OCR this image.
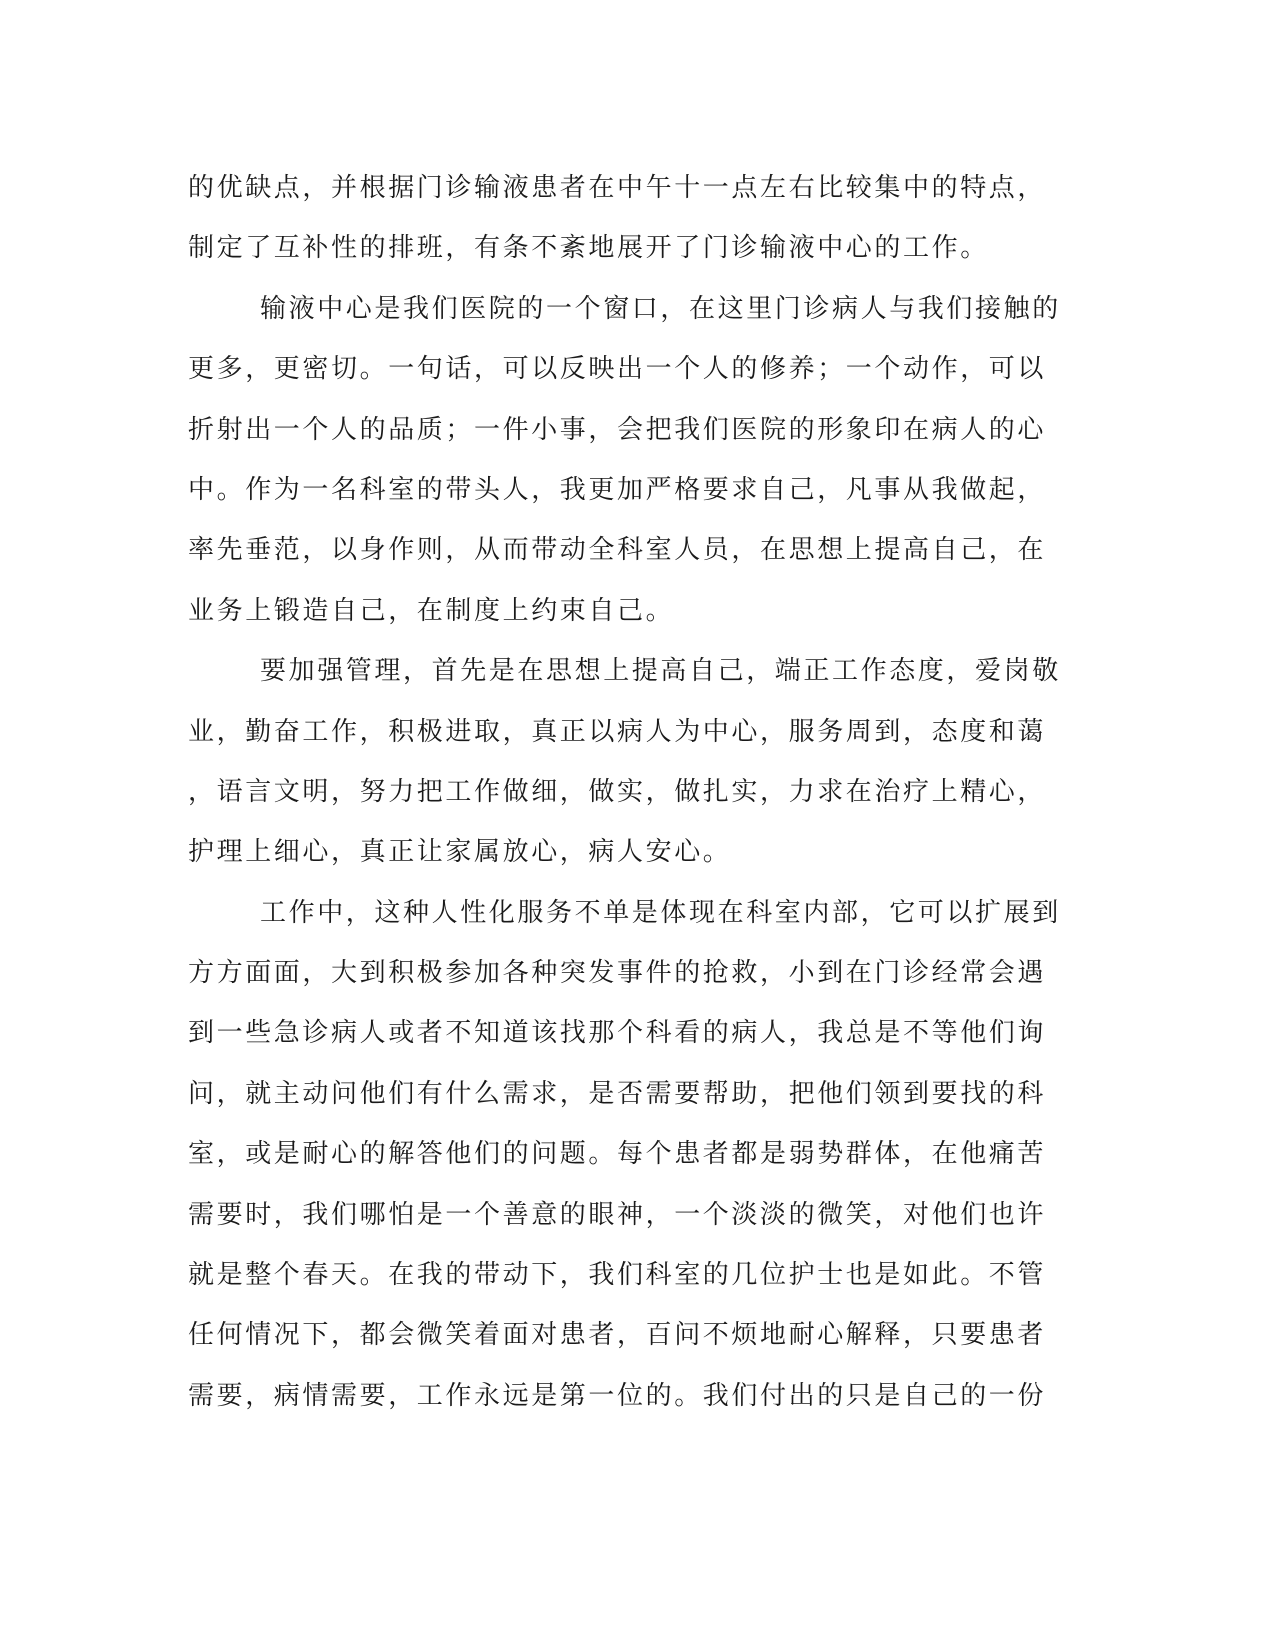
的优缺点，并根据门诊输液患者在中午十一点左右比较集中的特点，
制定了互补性的排班，有条不紊地展开了门诊输液中心的工作。
输液中心是我们医院的一个窗口，在这里门诊病人与我们接触的
更多，更密切。一句话，可以反映出一个人的修养；一个动作，可以
折射出一个人的品质；一件小事，会把我们医院的形象印在病人的心
中。作为一名科室的带头人，我更加严格要求自己，凡事从我做起，
率先垂范，以身作则，从而带动全科室人员，在思想上提高自己，在
业务上锻造自己，在制度上约束自己。
要加强管理，首先是在思想上提高自己，端正工作态度，爱岗敬
业，勤奋工作，积极进取，真正以病人为中心，服务周到，态度和蔼
，语言文明，努力把工作做细，做实，做扎实，力求在治疗上精心，
护理上细心，真正让家属放心，病人安心。
工作中，这种人性化服务不单是体现在科室内部，它可以扩展到
方方面面，大到积极参加各种突发事件的抢救，小到在门诊经常会遇
到一些急诊病人或者不知道该找那个科看的病人，我总是不等他们询
问，就主动问他们有什么需求，是否需要帮助，把他们领到要找的科
室，或是耐心的解答他们的问题。每个患者都是弱势群体，在他痛苦
需要时，我们哪怕是一个善意的眼神，一个淡淡的微笑，对他们也许
就是整个春天。在我的带动下，我们科室的几位护士也是如此。不管
任何情况下，都会微笑着面对患者，百问不烦地耐心解释，只要患者
需要，病情需要，工作永远是第一位的。我们付出的只是自己的一份
